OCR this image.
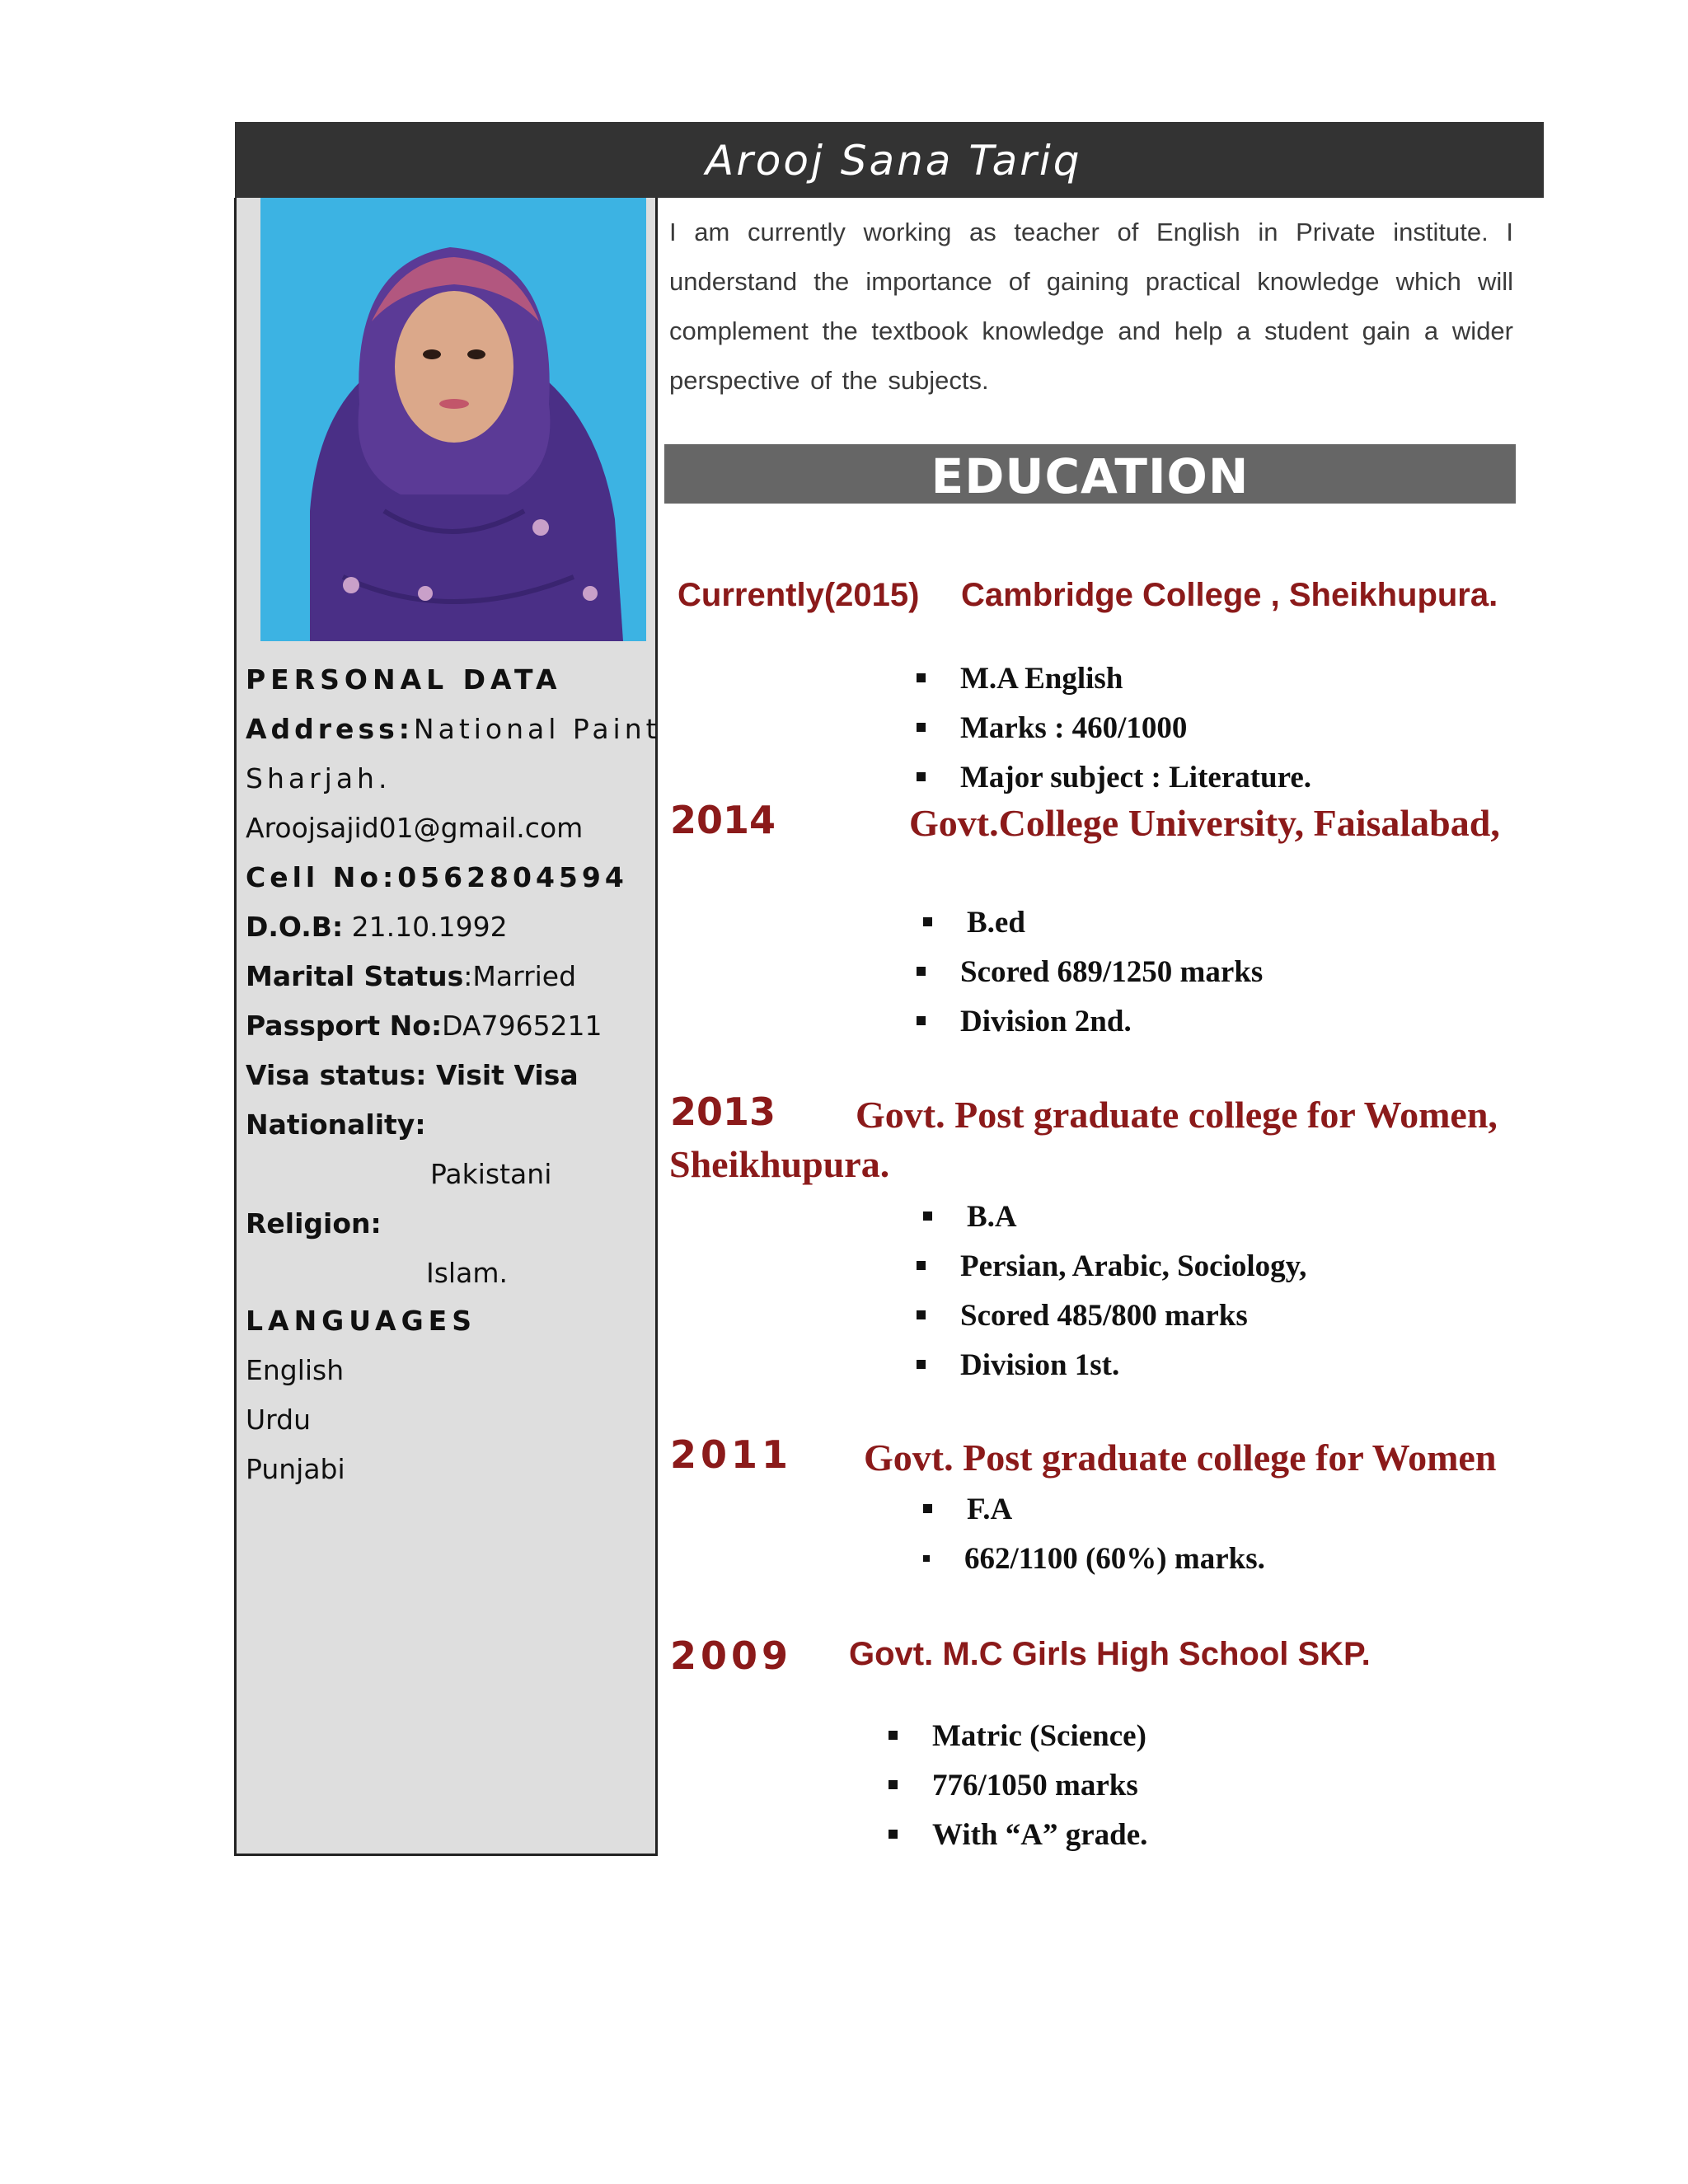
Arooj Sana Tariq
PERSONAL DATA
Address:National Paint
Sharjah.
Aroojsajid01@gmail.com
Cell No:0562804594
D.O.B: 21.10.1992
Marital Status:Married
Passport No:DA7965211
Visa status: Visit Visa
Nationality:
Pakistani
Religion:
Islam.
LANGUAGES
English
Urdu
Punjabi

I am currently working as teacher of English in Private institute. I understand the importance of gaining practical knowledge which will complement the textbook knowledge and help a student gain a wider perspective of the subjects.

EDUCATION
Currently(2015) Cambridge College , Sheikhupura.
M.A English
Marks : 460/1000
Major subject : Literature.
2014	Govt.College University, Faisalabad,
B.ed
Scored 689/1250 marks
Division 2nd.
2013 Govt. Post graduate college for Women,
Sheikhupura.
B.A
Persian, Arabic, Sociology,
Scored 485/800 marks
Division 1st.
2011 Govt. Post graduate college for Women
F.A
662/1100 (60%) marks.
2009 Govt. M.C Girls High School SKP.
Matric (Science)
776/1050 marks
With “A” grade.
